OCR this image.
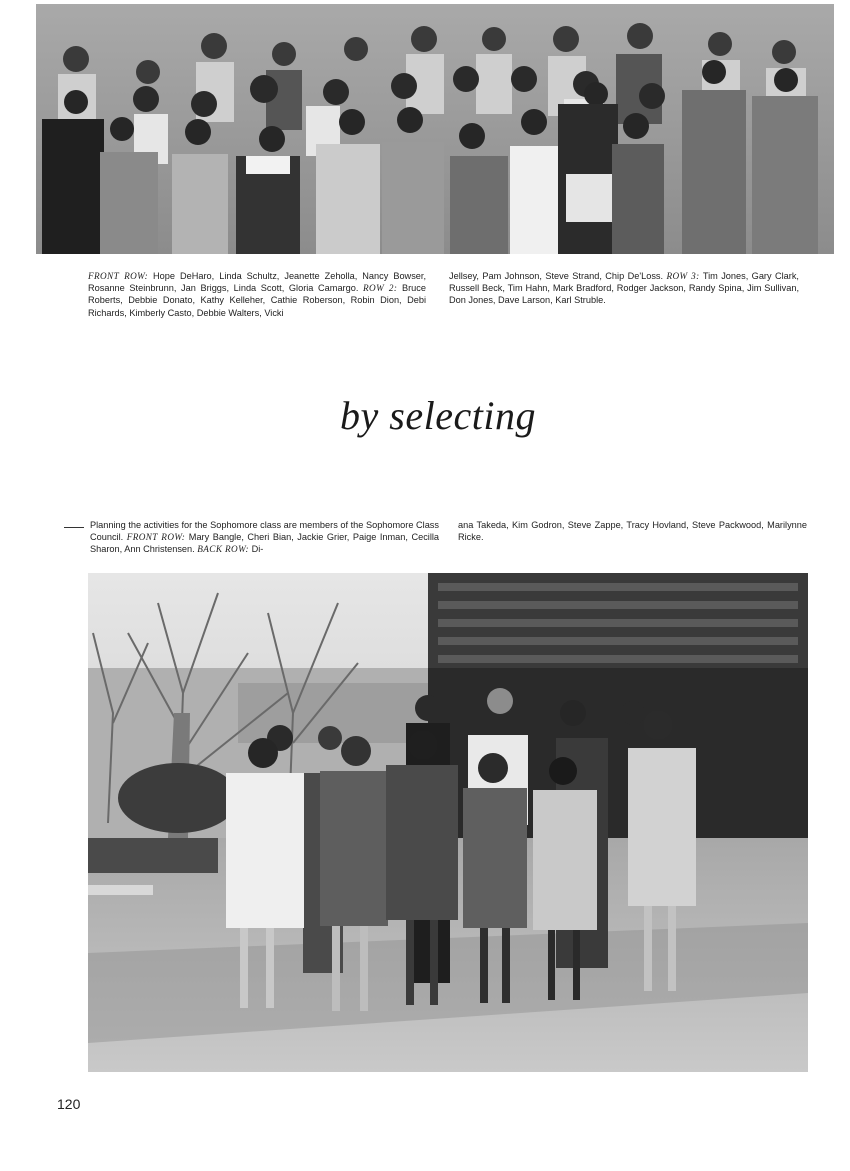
FRONT ROW: Hope DeHaro, Linda Schultz, Jeanette Zeholla, Nancy Bowser, Rosanne Steinbrunn, Jan Briggs, Linda Scott, Gloria Camargo. ROW 2: Bruce Roberts, Debbie Donato, Kathy Kelleher, Cathie Roberson, Robin Dion, Debi Richards, Kimberly Casto, Debbie Walters, Vicki
Jellsey, Pam Johnson, Steve Strand, Chip De'Loss. ROW 3: Tim Jones, Gary Clark, Russell Beck, Tim Hahn, Mark Bradford, Rodger Jackson, Randy Spina, Jim Sullivan, Don Jones, Dave Larson, Karl Struble.
by selecting
Planning the activities for the Sophomore class are members of the Sophomore Class Council. FRONT ROW: Mary Bangle, Cheri Bian, Jackie Grier, Paige Inman, Cecilla Sharon, Ann Christensen. BACK ROW: Di-
ana Takeda, Kim Godron, Steve Zappe, Tracy Hovland, Steve Packwood, Marilynne Ricke.
120
